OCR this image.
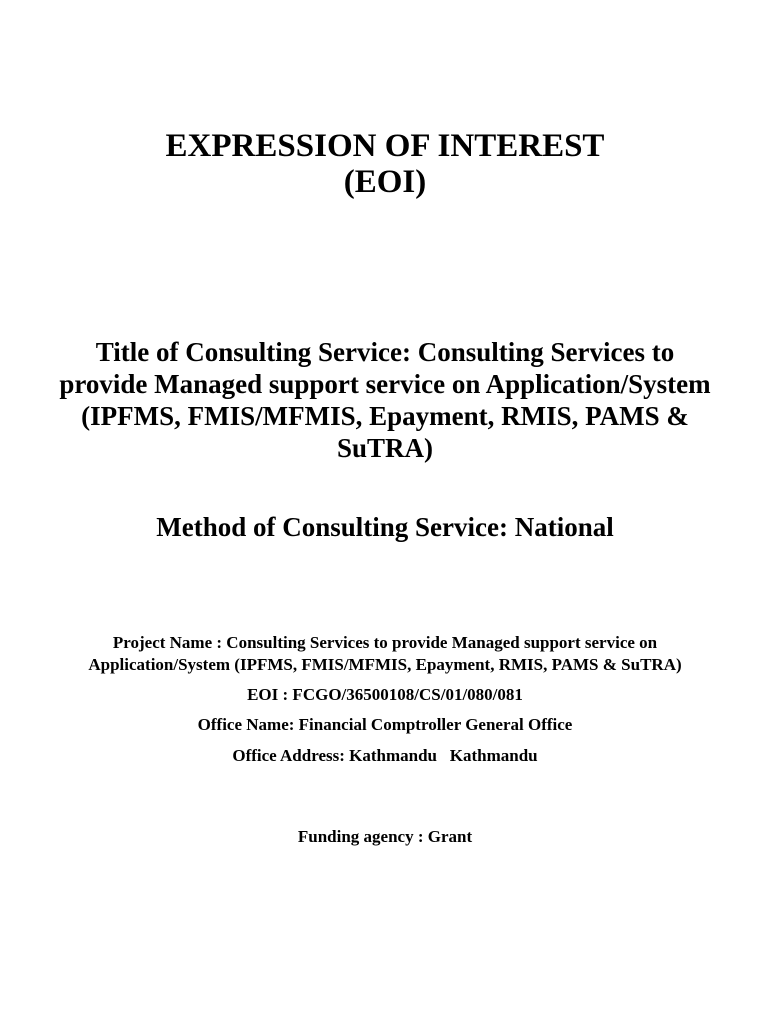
EXPRESSION OF INTEREST
(EOI)
Title of Consulting Service: Consulting Services to
provide Managed support service on Application/System
(IPFMS, FMIS/MFMIS, Epayment, RMIS, PAMS &
SuTRA)
Method of Consulting Service: National

Project Name : Consulting Services to provide Managed support service on
Application/System (IPFMS, FMIS/MFMIS, Epayment, RMIS, PAMS & SuTRA)

EOI : FCGO/36500108/CS/01/080/081

Office Name: Financial Comptroller General Office

Office Address: Kathmandu   Kathmandu

Funding agency : Grant
